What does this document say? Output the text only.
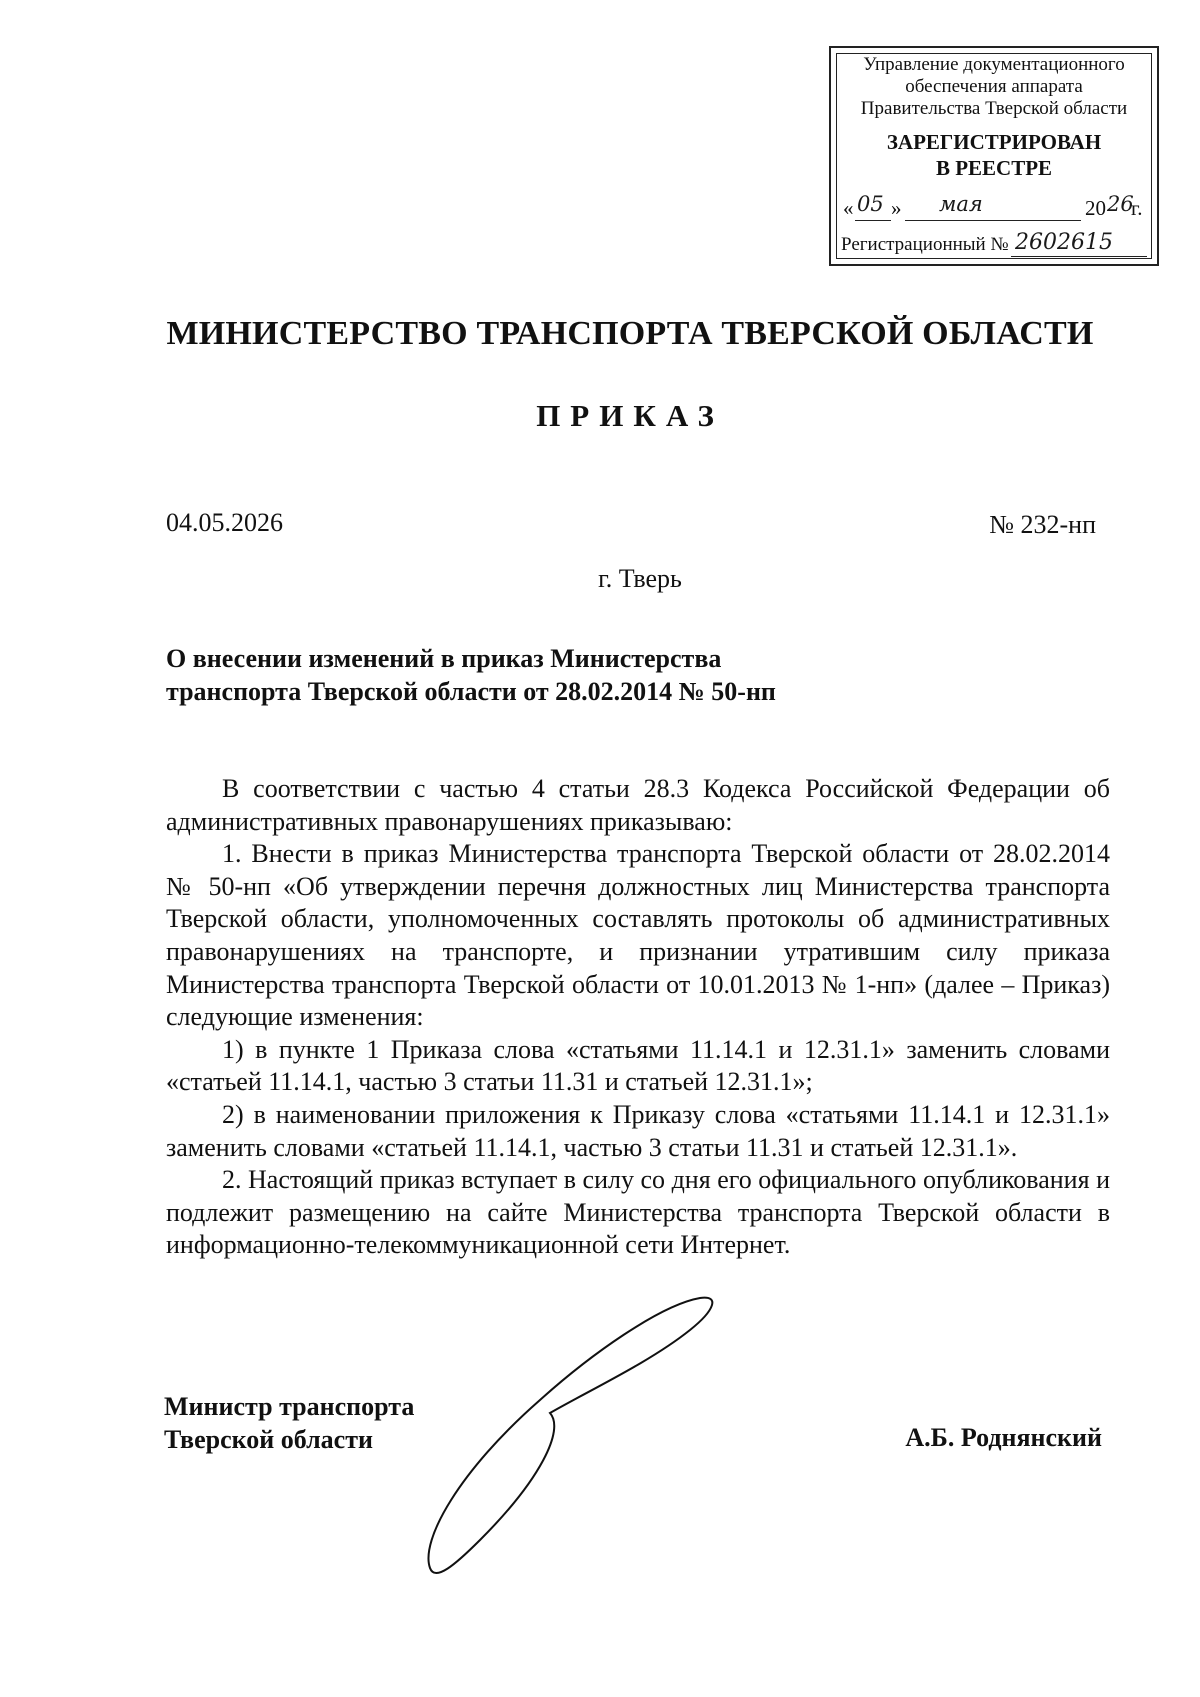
Управление документационного
обеспечения аппарата
Правительства Тверской области
ЗАРЕГИСТРИРОВАН
В РЕЕСТРЕ
« 05 » мая	20 26
г.
Регистрационный № 2602615
МИНИСТЕРСТВО ТРАНСПОРТА ТВЕРСКОЙ ОБЛАСТИ
ПРИКАЗ
04.05.2026	№ 232-нп
г. Тверь
О внесении изменений в приказ Министерства
транспорта Тверской области от 28.02.2014 № 50-нп

В соответствии с частью 4 статьи 28.3 Кодекса Российской Федерации об административных правонарушениях приказываю:

1. Внести в приказ Министерства транспорта Тверской области от 28.02.2014 № 50-нп «Об утверждении перечня должностных лиц Министерства транспорта Тверской области, уполномоченных составлять протоколы об административных правонарушениях на транспорте, и признании утратившим силу приказа Министерства транспорта Тверской области от 10.01.2013 № 1-нп» (далее – Приказ) следующие изменения:

1) в пункте 1 Приказа слова «статьями 11.14.1 и 12.31.1» заменить словами «статьей 11.14.1, частью 3 статьи 11.31 и статьей 12.31.1»;

2) в наименовании приложения к Приказу слова «статьями 11.14.1 и 12.31.1» заменить словами «статьей 11.14.1, частью 3 статьи 11.31 и статьей 12.31.1».

2. Настоящий приказ вступает в силу со дня его официального опубликования и подлежит размещению на сайте Министерства транспорта Тверской области в информационно-телекоммуникационной сети Интернет.

Министр транспорта
Тверской области	А.Б. Роднянский
